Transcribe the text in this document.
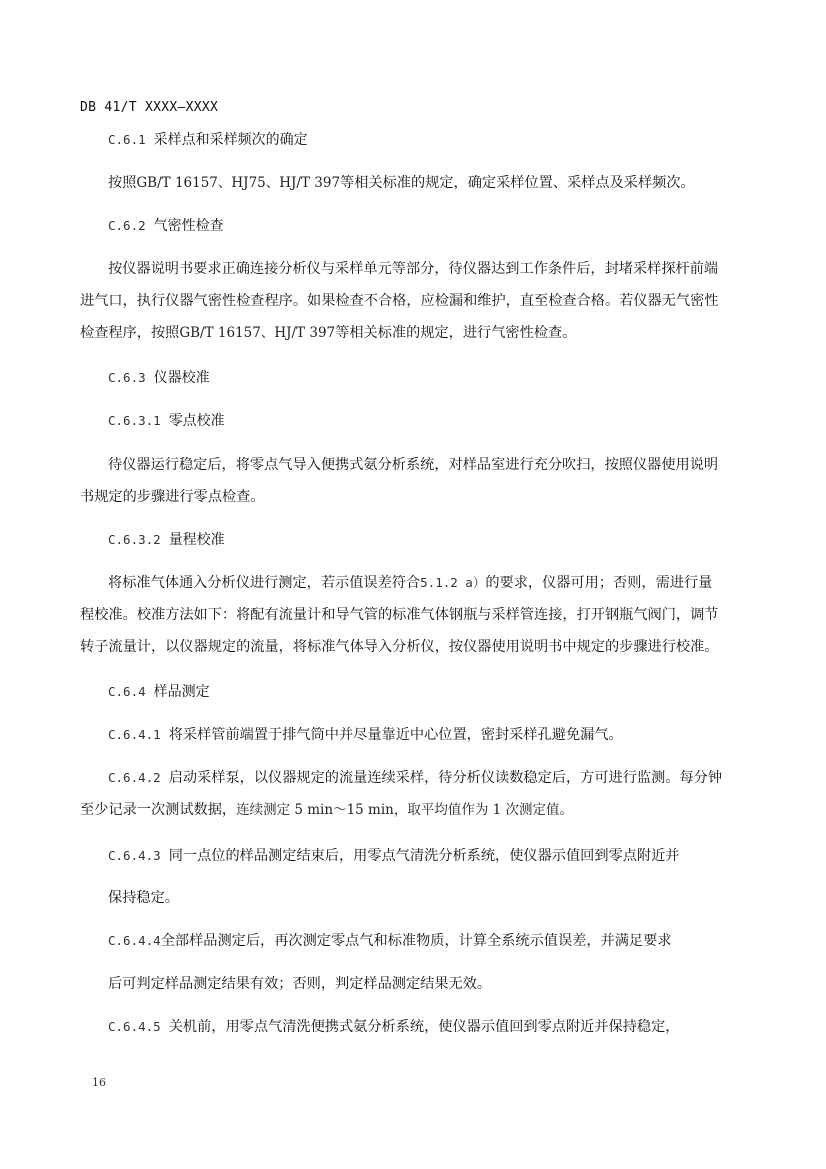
DB 41/T XXXX—XXXX
C.6.1 采样点和采样频次的确定
按照GB/T 16157、HJ75、HJ/T 397等相关标准的规定，确定采样位置、采样点及采样频次。
C.6.2 气密性检查
按仪器说明书要求正确连接分析仪与采样单元等部分，待仪器达到工作条件后，封堵采样探杆前端
进气口，执行仪器气密性检查程序。如果检查不合格，应检漏和维护，直至检查合格。若仪器无气密性
检查程序，按照GB/T 16157、HJ/T 397等相关标准的规定，进行气密性检查。
C.6.3 仪器校准
C.6.3.1 零点校准
待仪器运行稳定后，将零点气导入便携式氨分析系统，对样品室进行充分吹扫，按照仪器使用说明
书规定的步骤进行零点检查。
C.6.3.2 量程校准
将标准气体通入分析仪进行测定，若示值误差符合5.1.2 a）的要求，仪器可用；否则，需进行量
程校准。校准方法如下：将配有流量计和导气管的标准气体钢瓶与采样管连接，打开钢瓶气阀门，调节
转子流量计，以仪器规定的流量，将标准气体导入分析仪，按仪器使用说明书中规定的步骤进行校准。
C.6.4 样品测定
C.6.4.1 将采样管前端置于排气筒中并尽量靠近中心位置，密封采样孔避免漏气。
C.6.4.2 启动采样泵，以仪器规定的流量连续采样，待分析仪读数稳定后，方可进行监测。每分钟
至少记录一次测试数据，连续测定 5 min～15 min，取平均值作为 1 次测定值。
C.6.4.3 同一点位的样品测定结束后，用零点气清洗分析系统，使仪器示值回到零点附近并
保持稳定。
C.6.4.4全部样品测定后，再次测定零点气和标准物质，计算全系统示值误差，并满足要求
后可判定样品测定结果有效；否则，判定样品测定结果无效。
C.6.4.5 关机前，用零点气清洗便携式氨分析系统，使仪器示值回到零点附近并保持稳定，
16
